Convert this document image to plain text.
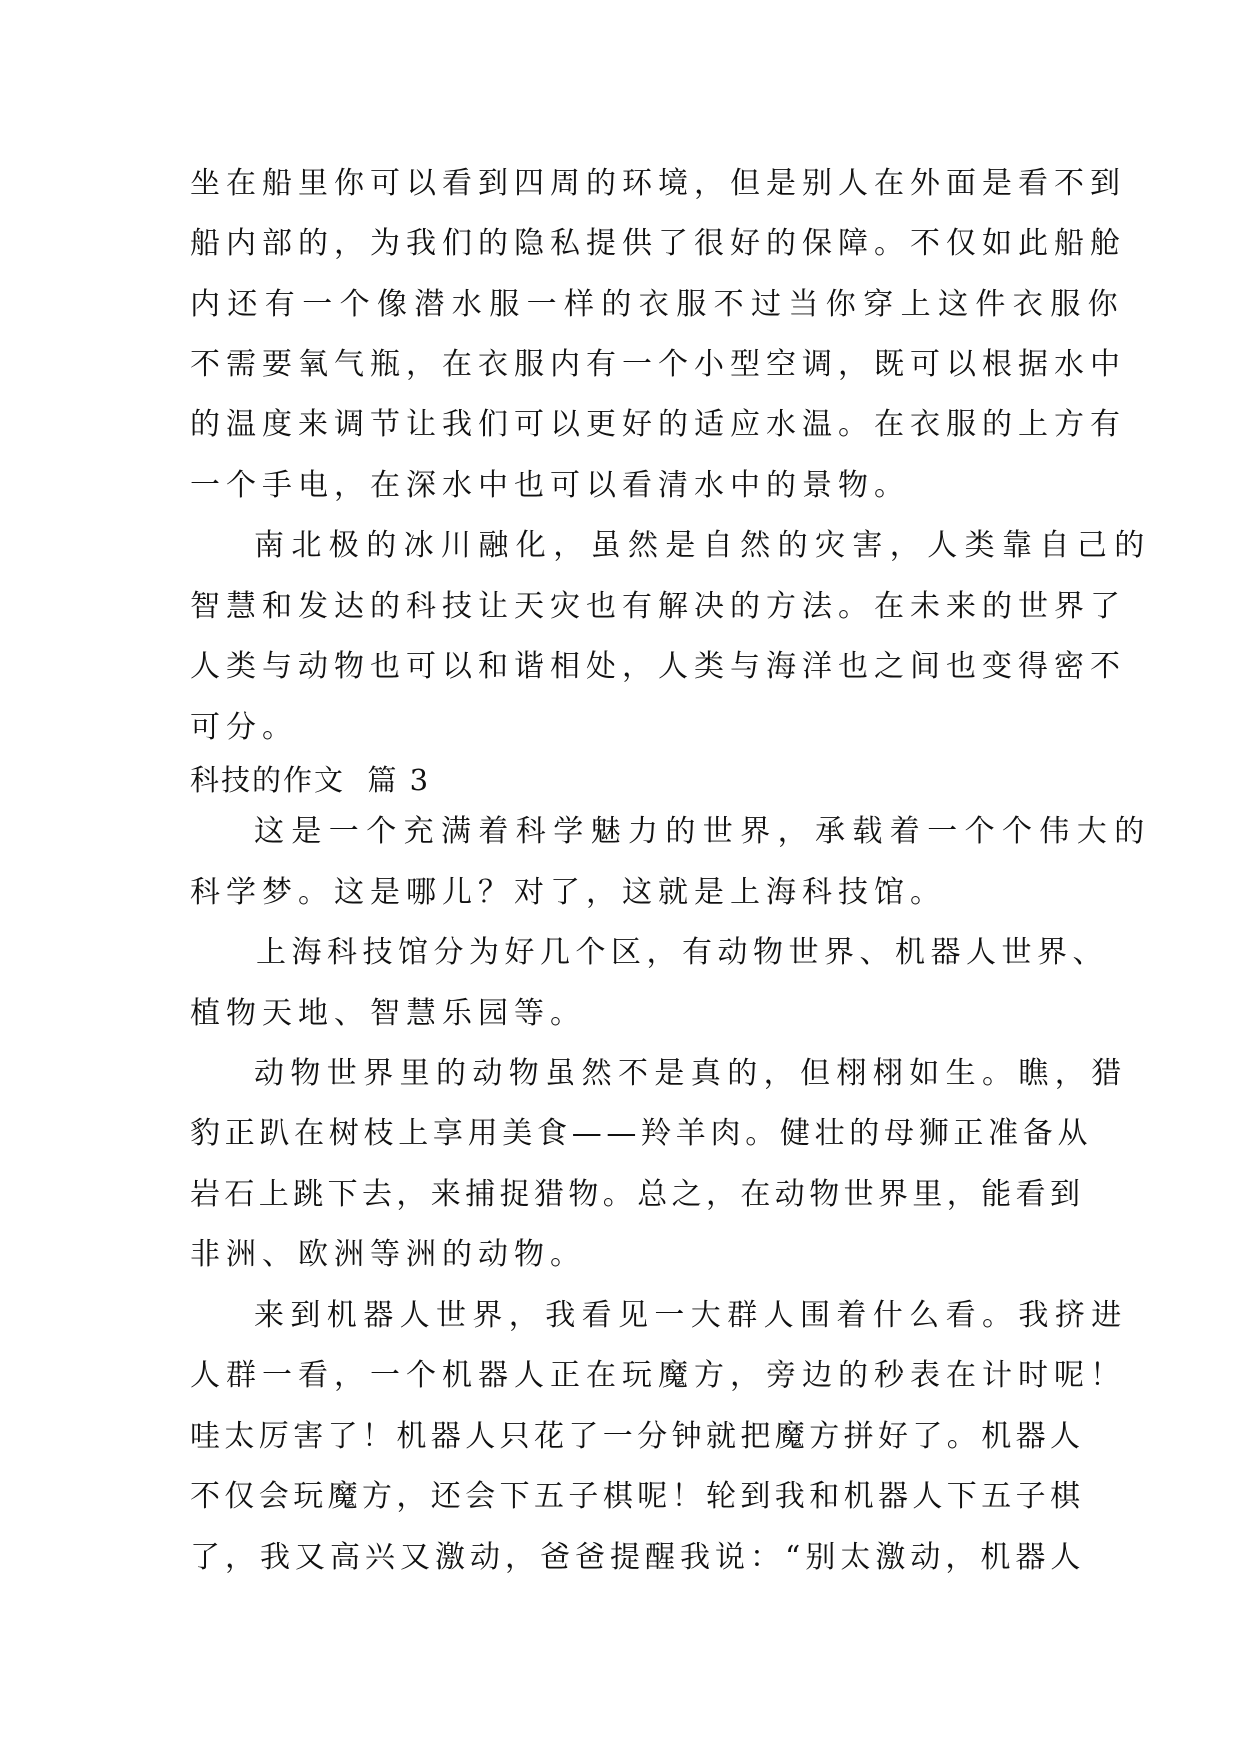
坐在船里你可以看到四周的环境，但是别人在外面是看不到

船内部的，为我们的隐私提供了很好的保障。不仅如此船舱

内还有一个像潜水服一样的衣服不过当你穿上这件衣服你

不需要氧气瓶，在衣服内有一个小型空调，既可以根据水中

的温度来调节让我们可以更好的适应水温。在衣服的上方有

一个手电，在深水中也可以看清水中的景物。

南北极的冰川融化，虽然是自然的灾害，人类靠自己的

智慧和发达的科技让天灾也有解决的方法。在未来的世界了

人类与动物也可以和谐相处，人类与海洋也之间也变得密不

可分。

科技的作文  篇 3

这是一个充满着科学魅力的世界，承载着一个个伟大的

科学梦。这是哪儿？对了，这就是上海科技馆。

上海科技馆分为好几个区，有动物世界、机器人世界、

植物天地、智慧乐园等。

动物世界里的动物虽然不是真的，但栩栩如生。瞧，猎

豹正趴在树枝上享用美食——羚羊肉。健壮的母狮正准备从

岩石上跳下去，来捕捉猎物。总之，在动物世界里，能看到

非洲、欧洲等洲的动物。

来到机器人世界，我看见一大群人围着什么看。我挤进

人群一看，一个机器人正在玩魔方，旁边的秒表在计时呢！

哇太厉害了！机器人只花了一分钟就把魔方拼好了。机器人

不仅会玩魔方，还会下五子棋呢！轮到我和机器人下五子棋

了，我又高兴又激动，爸爸提醒我说：“别太激动，机器人
